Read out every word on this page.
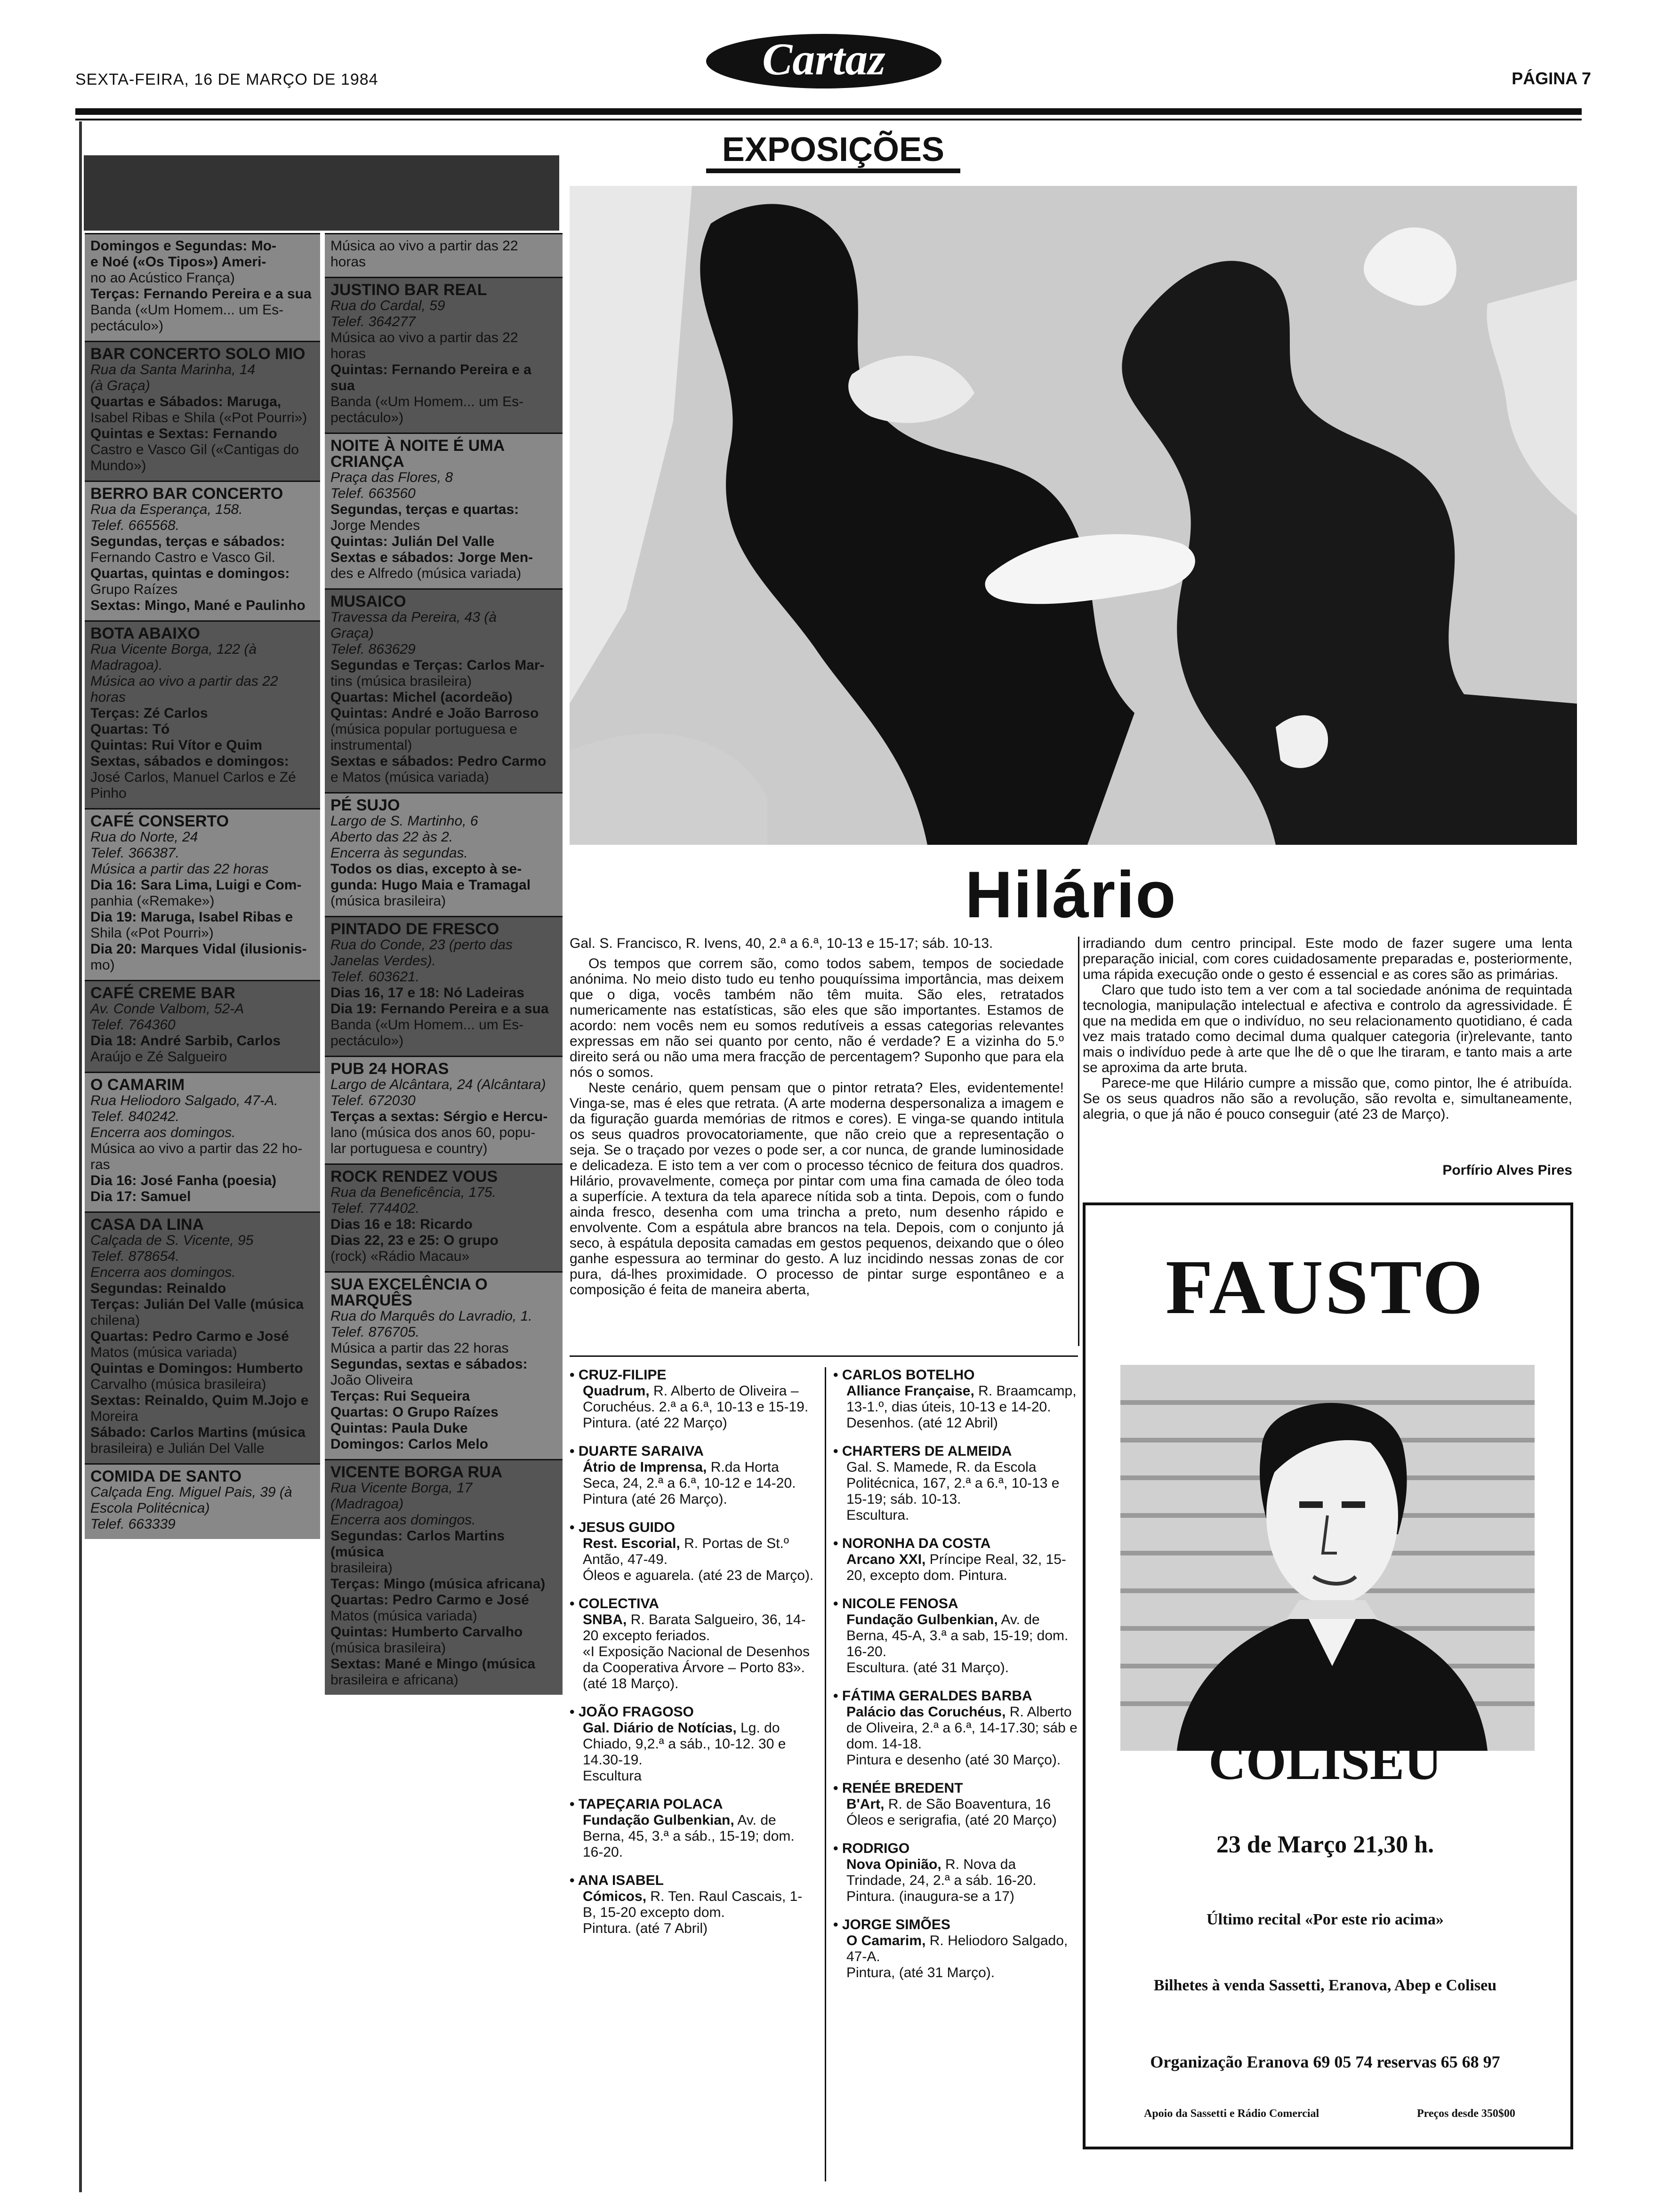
SEXTA-FEIRA, 16 DE MARÇO DE 1984	Cartaz	PÁGINA 7
Domingos e Segundas: Mo-
e Noé («Os Tipos») Ameri-
no ao Acústico França)
Terças: Fernando Pereira e a sua
Banda («Um Homem... um Es-
pectáculo»)
BAR CONCERTO SOLO MIO
Rua da Santa Marinha, 14
(à Graça)
Quartas e Sábados: Maruga,
Isabel Ribas e Shila («Pot Pourri»)
Quintas e Sextas: Fernando
Castro e Vasco Gil («Cantigas do
Mundo»)
BERRO BAR CONCERTO
Rua da Esperança, 158.
Telef. 665568.
Segundas, terças e sábados:
Fernando Castro e Vasco Gil.
Quartas, quintas e domingos:
Grupo Raízes
Sextas: Mingo, Mané e Paulinho
BOTA ABAIXO
Rua Vicente Borga, 122 (à
Madragoa).
Música ao vivo a partir das 22
horas
Terças: Zé Carlos
Quartas: Tó
Quintas: Rui Vítor e Quim
Sextas, sábados e domingos:
José Carlos, Manuel Carlos e Zé
Pinho
CAFÉ CONSERTO
Rua do Norte, 24
Telef. 366387.
Música a partir das 22 horas
Dia 16: Sara Lima, Luigi e Com-
panhia («Remake»)
Dia 19: Maruga, Isabel Ribas e
Shila («Pot Pourri»)
Dia 20: Marques Vidal (ilusionis-
mo)
CAFÉ CREME BAR
Av. Conde Valbom, 52-A
Telef. 764360
Dia 18: André Sarbib, Carlos
Araújo e Zé Salgueiro
O CAMARIM
Rua Heliodoro Salgado, 47-A.
Telef. 840242.
Encerra aos domingos.
Música ao vivo a partir das 22 ho-
ras
Dia 16: José Fanha (poesia)
Dia 17: Samuel
CASA DA LINA
Calçada de S. Vicente, 95
Telef. 878654.
Encerra aos domingos.
Segundas: Reinaldo
Terças: Julián Del Valle (música
chilena)
Quartas: Pedro Carmo e José
Matos (música variada)
Quintas e Domingos: Humberto
Carvalho (música brasileira)
Sextas: Reinaldo, Quim M.Jojo e
Moreira
Sábado: Carlos Martins (música
brasileira) e Julián Del Valle
COMIDA DE SANTO
Calçada Eng. Miguel Pais, 39 (à
Escola Politécnica)
Telef. 663339
Música ao vivo a partir das 22
horas
JUSTINO BAR REAL
Rua do Cardal, 59
Telef. 364277
Música ao vivo a partir das 22 horas
Quintas: Fernando Pereira e a sua
Banda («Um Homem... um Es-
pectáculo»)
NOITE À NOITE É UMA CRIANÇA
Praça das Flores, 8
Telef. 663560
Segundas, terças e quartas:
Jorge Mendes
Quintas: Julián Del Valle
Sextas e sábados: Jorge Men-
des e Alfredo (música variada)
MUSAICO
Travessa da Pereira, 43 (à
Graça)
Telef. 863629
Segundas e Terças: Carlos Mar-
tins (música brasileira)
Quartas: Michel (acordeão)
Quintas: André e João Barroso
(música popular portuguesa e
instrumental)
Sextas e sábados: Pedro Carmo
e Matos (música variada)
PÉ SUJO
Largo de S. Martinho, 6
Aberto das 22 às 2.
Encerra às segundas.
Todos os dias, excepto à se-
gunda: Hugo Maia e Tramagal
(música brasileira)
PINTADO DE FRESCO
Rua do Conde, 23 (perto das
Janelas Verdes).
Telef. 603621.
Dias 16, 17 e 18: Nó Ladeiras
Dia 19: Fernando Pereira e a sua
Banda («Um Homem... um Es-
pectáculo»)
PUB 24 HORAS
Largo de Alcântara, 24 (Alcântara)
Telef. 672030
Terças a sextas: Sérgio e Hercu-
lano (música dos anos 60, popu-
lar portuguesa e country)
ROCK RENDEZ VOUS
Rua da Beneficência, 175.
Telef. 774402.
Dias 16 e 18: Ricardo
Dias 22, 23 e 25: O grupo
(rock) «Rádio Macau»
SUA EXCELÊNCIA O MARQUÊS
Rua do Marquês do Lavradio, 1.
Telef. 876705.
Música a partir das 22 horas
Segundas, sextas e sábados:
João Oliveira
Terças: Rui Sequeira
Quartas: O Grupo Raízes
Quintas: Paula Duke
Domingos: Carlos Melo
VICENTE BORGA RUA
Rua Vicente Borga, 17
(Madragoa)
Encerra aos domingos.
Segundas: Carlos Martins (música
brasileira)
Terças: Mingo (música africana)
Quartas: Pedro Carmo e José
Matos (música variada)
Quintas: Humberto Carvalho
(música brasileira)
Sextas: Mané e Mingo (música
brasileira e africana)
EXPOSIÇÕES
Hilário
Gal. S. Francisco, R. Ivens, 40, 2.ª a 6.ª, 10-13 e 15-17; sáb. 10-13.

Os tempos que correm são, como todos sabem, tempos de sociedade anónima. No meio disto tudo eu tenho pouquíssima importância, mas deixem que o diga, vocês também não têm muita. São eles, retratados numericamente nas estatísticas, são eles que são importantes. Estamos de acordo: nem vocês nem eu somos redutíveis a essas categorias relevantes expressas em não sei quanto por cento, não é verdade? E a vizinha do 5.º direito será ou não uma mera fracção de percentagem? Suponho que para ela nós o somos.

Neste cenário, quem pensam que o pintor retrata? Eles, evidentemente! Vinga-se, mas é eles que retrata. (A arte moderna despersonaliza a imagem e da figuração guarda memórias de ritmos e cores). E vinga-se quando intitula os seus quadros provocatoriamente, que não creio que a representação o seja. Se o traçado por vezes o pode ser, a cor nunca, de grande luminosidade e delicadeza. E isto tem a ver com o processo técnico de feitura dos quadros. Hilário, provavelmente, começa por pintar com uma fina camada de óleo toda a superfície. A textura da tela aparece nítida sob a tinta. Depois, com o fundo ainda fresco, desenha com uma trincha a preto, num desenho rápido e envolvente. Com a espátula abre brancos na tela. Depois, com o conjunto já seco, à espátula deposita camadas em gestos pequenos, deixando que o óleo ganhe espessura ao terminar do gesto. A luz incidindo nessas zonas de cor pura, dá-lhes proximidade. O processo de pintar surge espontâneo e a composição é feita de maneira aberta,

irradiando dum centro principal. Este modo de fazer sugere uma lenta preparação inicial, com cores cuidadosamente preparadas e, posteriormente, uma rápida execução onde o gesto é essencial e as cores são as primárias.

Claro que tudo isto tem a ver com a tal sociedade anónima de requintada tecnologia, manipulação intelectual e afectiva e controlo da agressividade. É que na medida em que o indivíduo, no seu relacionamento quotidiano, é cada vez mais tratado como decimal duma qualquer categoria (ir)relevante, tanto mais o indivíduo pede à arte que lhe dê o que lhe tiraram, e tanto mais a arte se aproxima da arte bruta.

Parece-me que Hilário cumpre a missão que, como pintor, lhe é atribuída. Se os seus quadros não são a revolução, são revolta e, simultaneamente, alegria, o que já não é pouco conseguir (até 23 de Março).

Porfírio Alves Pires
• CRUZ-FILIPE
Quadrum, R. Alberto de Oliveira – Coruchéus. 2.ª a 6.ª, 10-13 e 15-19.
Pintura. (até 22 Março)
• DUARTE SARAIVA
Átrio de Imprensa, R.da Horta Seca, 24, 2.ª a 6.ª, 10-12 e 14-20.
Pintura (até 26 Março).
• JESUS GUIDO
Rest. Escorial, R. Portas de St.º Antão, 47-49.
Óleos e aguarela. (até 23 de Março).
• COLECTIVA
SNBA, R. Barata Salgueiro, 36, 14-20 excepto feriados.
«I Exposição Nacional de Desenhos da Cooperativa Árvore – Porto 83». (até 18 Março).
• JOÃO FRAGOSO
Gal. Diário de Notícias, Lg. do Chiado, 9,2.ª a sáb., 10-12. 30 e 14.30-19.
Escultura
• TAPEÇARIA POLACA
Fundação Gulbenkian, Av. de Berna, 45, 3.ª a sáb., 15-19; dom. 16-20.
• ANA ISABEL
Cómicos, R. Ten. Raul Cascais, 1-B, 15-20 excepto dom.
Pintura. (até 7 Abril)
• CARLOS BOTELHO
Alliance Française, R. Braamcamp, 13-1.º, dias úteis, 10-13 e 14-20.
Desenhos. (até 12 Abril)
• CHARTERS DE ALMEIDA
Gal. S. Mamede, R. da Escola Politécnica, 167, 2.ª a 6.ª, 10-13 e 15-19; sáb. 10-13.
Escultura.
• NORONHA DA COSTA
Arcano XXI, Príncipe Real, 32, 15-20, excepto dom. Pintura.
• NICOLE FENOSA
Fundação Gulbenkian, Av. de Berna, 45-A, 3.ª a sab, 15-19; dom. 16-20.
Escultura. (até 31 Março).
• FÁTIMA GERALDES BARBA
Palácio das Coruchéus, R. Alberto de Oliveira, 2.ª a 6.ª, 14-17.30; sáb e dom. 14-18.
Pintura e desenho (até 30 Março).
• RENÉE BREDENT
B'Art, R. de São Boaventura, 16
Óleos e serigrafia, (até 20 Março)
• RODRIGO
Nova Opinião, R. Nova da Trindade, 24, 2.ª a sáb. 16-20.
Pintura. (inaugura-se a 17)
• JORGE SIMÕES
O Camarim, R. Heliodoro Salgado, 47-A.
Pintura, (até 31 Março).
FAUSTO
COLISEU
23 de Março 21,30 h.
Último recital «Por este rio acima»
Bilhetes à venda Sassetti, Eranova, Abep e Coliseu
Organização Eranova 69 05 74 reservas 65 68 97
Apoio da Sassetti e Rádio Comercial	Preços desde 350$00
